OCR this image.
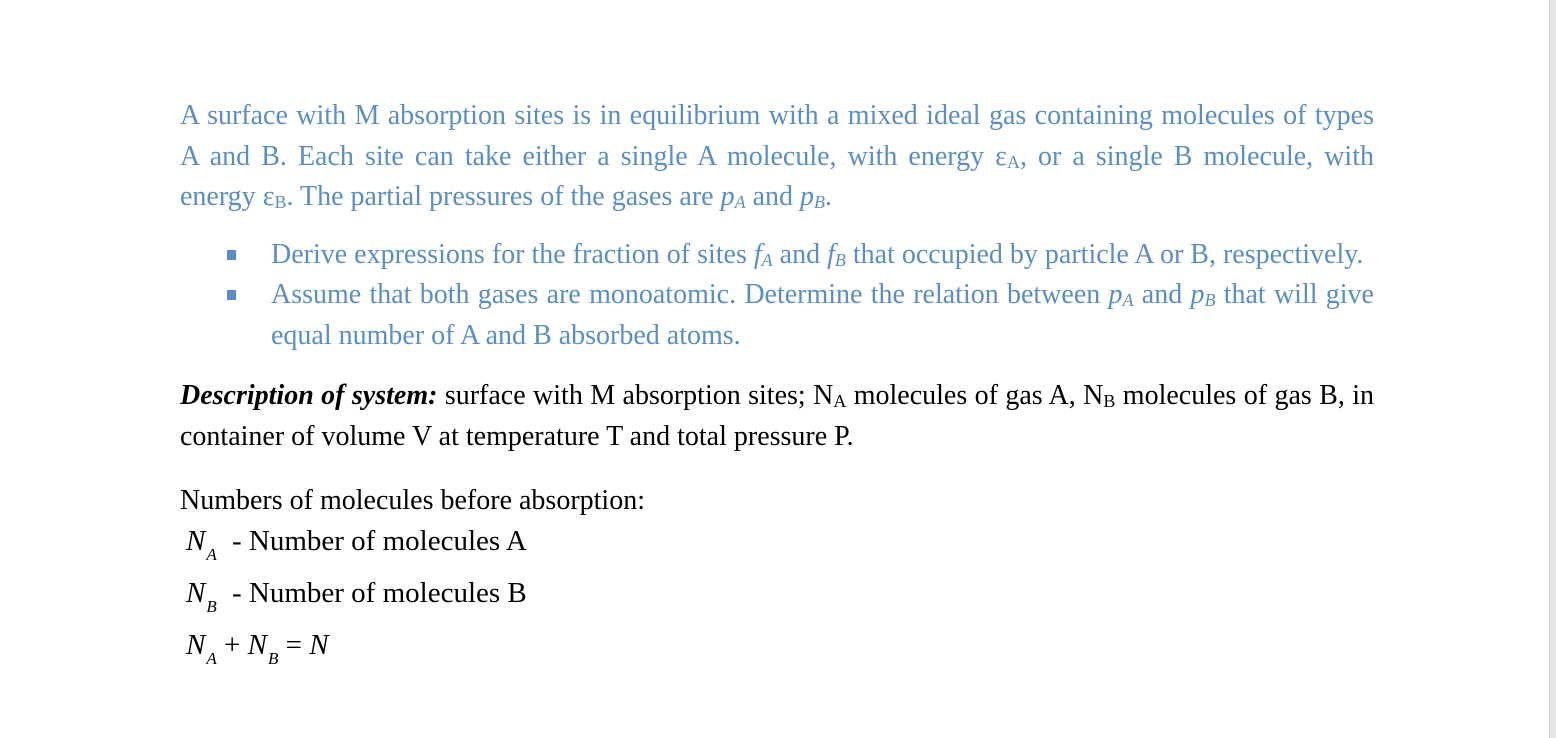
A surface with M absorption sites is in equilibrium with a mixed ideal gas containing molecules of types A and B. Each site can take either a single A molecule, with energy εA, or a single B molecule, with energy εB. The partial pressures of the gases are pA and pB.

Derive expressions for the fraction of sites fA and fB that occupied by particle A or B, respectively.
Assume that both gases are monoatomic. Determine the relation between pA and pB that will give equal number of A and B absorbed atoms.

Description of system: surface with M absorption sites; NA molecules of gas A, NB molecules of gas B, in container of volume V at temperature T and total pressure P.

Numbers of molecules before absorption:

$N_A$ - Number of molecules A
$N_B$ - Number of molecules B
$N_A + N_B = N$
